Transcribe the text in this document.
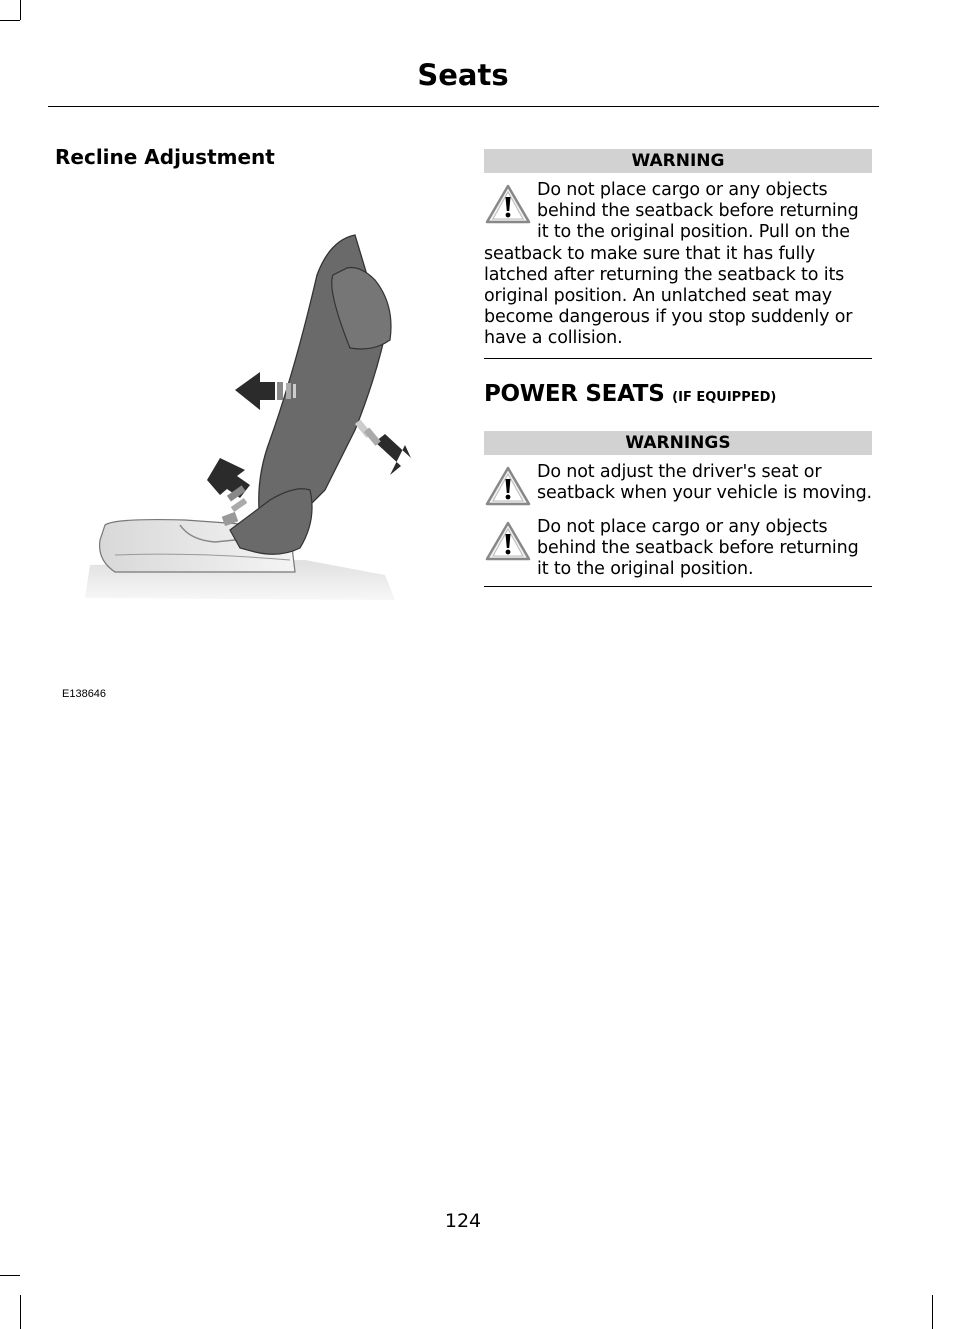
Seats
Recline Adjustment
E138646
WARNING
Do not place cargo or any objects behind the seatback before returning it to the original position. Pull on the seatback to make sure that it has fully latched after returning the seatback to its original position. An unlatched seat may become dangerous if you stop suddenly or have a collision.
POWER SEATS (IF EQUIPPED)
WARNINGS
Do not adjust the driver's seat or seatback when your vehicle is moving.
Do not place cargo or any objects behind the seatback before returning it to the original position.
124
